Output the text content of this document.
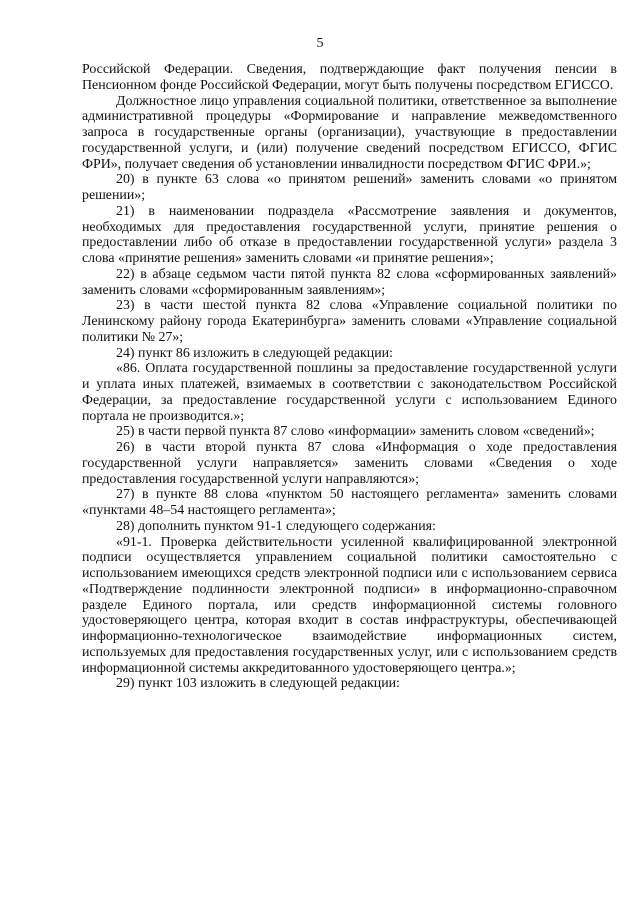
5

Российской Федерации. Сведения, подтверждающие факт получения пенсии в Пенсионном фонде Российской Федерации, могут быть получены посредством ЕГИССО.

Должностное лицо управления социальной политики, ответственное за выполнение административной процедуры «Формирование и направление межведомственного запроса в государственные органы (организации), участвующие в предоставлении государственной услуги, и (или) получение сведений посредством ЕГИССО, ФГИС ФРИ», получает сведения об установлении инвалидности посредством ФГИС ФРИ.»;

20) в пункте 63 слова «о принятом решений» заменить словами «о принятом решении»;

21) в наименовании подраздела «Рассмотрение заявления и документов, необходимых для предоставления государственной услуги, принятие решения о предоставлении либо об отказе в предоставлении государственной услуги» раздела 3 слова «принятие решения» заменить словами «и принятие решения»;

22) в абзаце седьмом части пятой пункта 82 слова «сформированных заявлений» заменить словами «сформированным заявлениям»;

23) в части шестой пункта 82 слова «Управление социальной политики по Ленинскому району города Екатеринбурга» заменить словами «Управление социальной политики № 27»;

24) пункт 86 изложить в следующей редакции:

«86. Оплата государственной пошлины за предоставление государственной услуги и уплата иных платежей, взимаемых в соответствии с законодательством Российской Федерации, за предоставление государственной услуги с использованием Единого портала не производится.»;

25) в части первой пункта 87 слово «информации» заменить словом «сведений»;

26) в части второй пункта 87 слова «Информация о ходе предоставления государственной услуги направляется» заменить словами «Сведения о ходе предоставления государственной услуги направляются»;

27) в пункте 88 слова «пунктом 50 настоящего регламента» заменить словами «пунктами 48–54 настоящего регламента»;

28) дополнить пунктом 91-1 следующего содержания:

«91-1. Проверка действительности усиленной квалифицированной электронной подписи осуществляется управлением социальной политики самостоятельно с использованием имеющихся средств электронной подписи или с использованием сервиса «Подтверждение подлинности электронной подписи» в информационно-справочном разделе Единого портала, или средств информационной системы головного удостоверяющего центра, которая входит в состав инфраструктуры, обеспечивающей информационно-технологическое взаимодействие информационных систем, используемых для предоставления государственных услуг, или с использованием средств информационной системы аккредитованного удостоверяющего центра.»;

29) пункт 103 изложить в следующей редакции:
